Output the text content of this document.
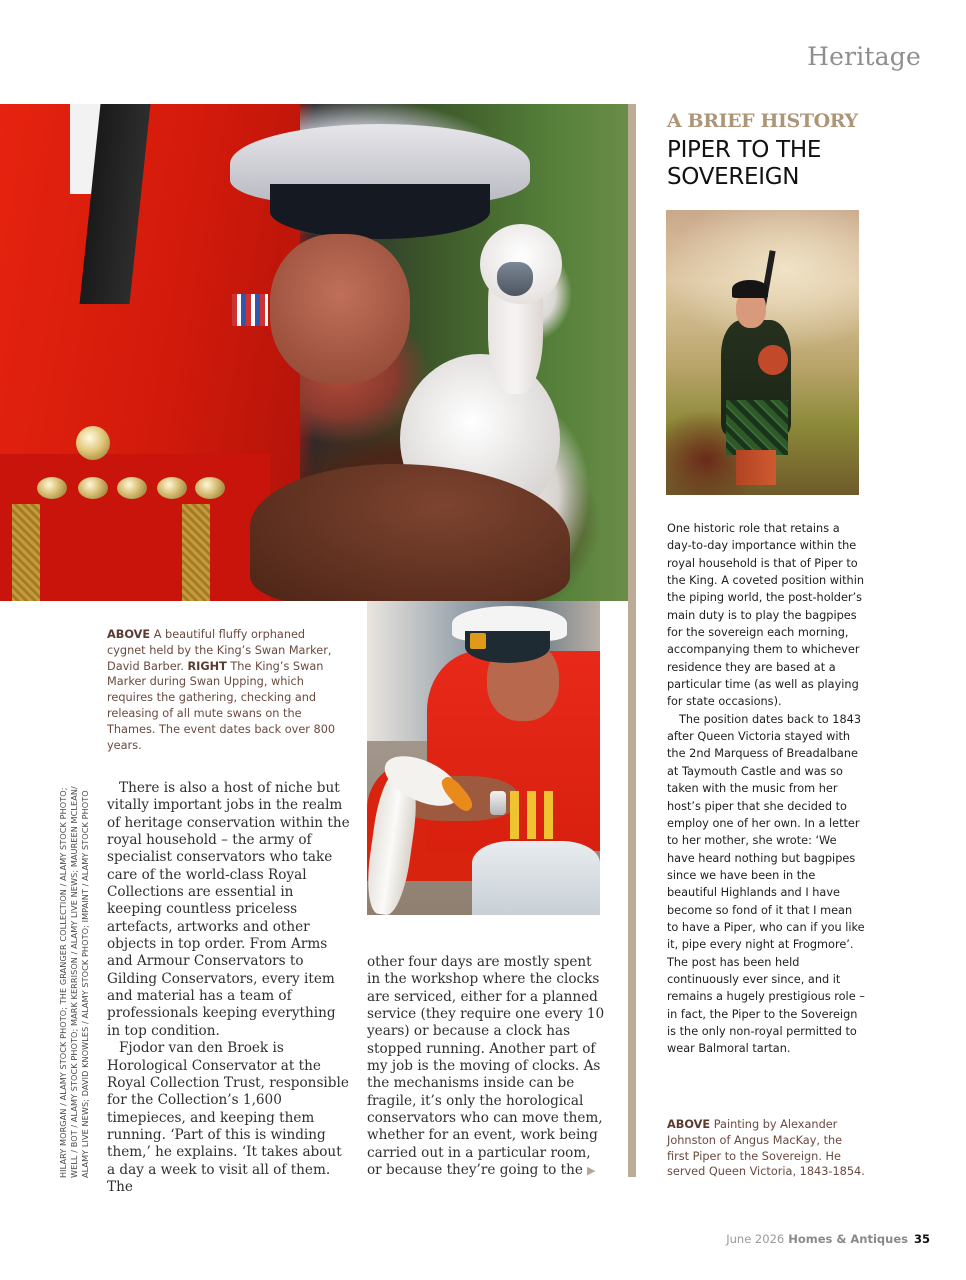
Heritage
ABOVE A beautiful fluffy orphaned cygnet held by the King’s Swan Marker, David Barber. RIGHT The King’s Swan Marker during Swan Upping, which requires the gathering, checking and releasing of all mute swans on the Thames. The event dates back over 800 years.
HILARY MORGAN / ALAMY STOCK PHOTO; THE GRANGER COLLECTION / ALAMY STOCK PHOTO; WELL / BOT / ALAMY STOCK PHOTO; MARK KERRISON / ALAMY LIVE NEWS; MAUREEN MCLEAN/ ALAMY LIVE NEWS; DAVID KNOWLES / ALAMY STOCK PHOTO; IMPAINT / ALAMY STOCK PHOTO

There is also a host of niche but vitally important jobs in the realm of heritage conservation within the royal household – the army of specialist conservators who take care of the world-class Royal Collections are essential in keeping countless priceless artefacts, artworks and other objects in top order. From Arms and Armour Conservators to Gilding Conservators, every item and material has a team of professionals keeping everything in top condition.

Fjodor van den Broek is Horological Conservator at the Royal Collection Trust, responsible for the Collection’s 1,600 timepieces, and keeping them running. ‘Part of this is winding them,’ he explains. ‘It takes about a day a week to visit all of them. The

other four days are mostly spent in the workshop where the clocks are serviced, either for a planned service (they require one every 10 years) or because a clock has stopped running. Another part of my job is the moving of clocks. As the mechanisms inside can be fragile, it’s only the horological conservators who can move them, whether for an event, work being carried out in a particular room, or because they’re going to the ▶

A BRIEF HISTORY
PIPER TO THE SOVEREIGN

One historic role that retains a day-to-day importance within the royal household is that of Piper to the King. A coveted position within the piping world, the post-holder’s main duty is to play the bagpipes for the sovereign each morning, accompanying them to whichever residence they are based at a particular time (as well as playing for state occasions).

The position dates back to 1843 after Queen Victoria stayed with the 2nd Marquess of Breadalbane at Taymouth Castle and was so taken with the music from her host’s piper that she decided to employ one of her own. In a letter to her mother, she wrote: ‘We have heard nothing but bagpipes since we have been in the beautiful Highlands and I have become so fond of it that I mean to have a Piper, who can if you like it, pipe every night at Frogmore’. The post has been held continuously ever since, and it remains a hugely prestigious role – in fact, the Piper to the Sovereign is the only non-royal permitted to wear Balmoral tartan.

ABOVE Painting by Alexander Johnston of Angus MacKay, the first Piper to the Sovereign. He served Queen Victoria, 1843-1854.
June 2026 Homes & Antiques 35
